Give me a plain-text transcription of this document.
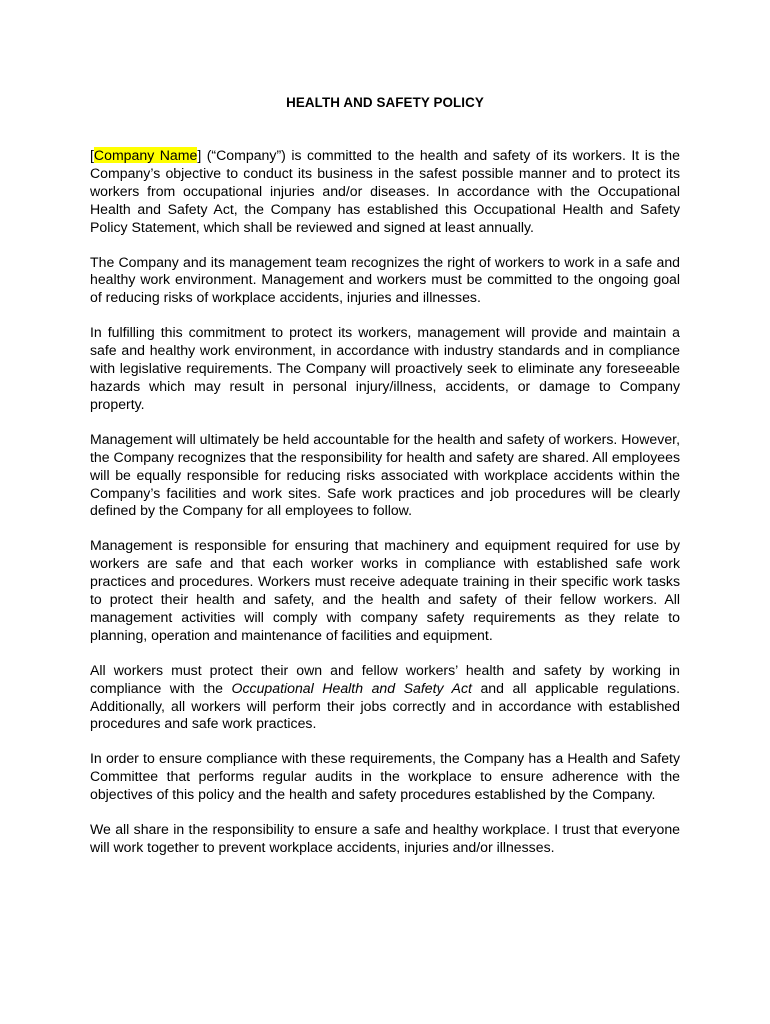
HEALTH AND SAFETY POLICY

[Company Name] (“Company”) is committed to the health and safety of its workers. It is the Company’s objective to conduct its business in the safest possible manner and to protect its workers from occupational injuries and/or diseases. In accordance with the Occupational Health and Safety Act, the Company has established this Occupational Health and Safety Policy Statement, which shall be reviewed and signed at least annually.

The Company and its management team recognizes the right of workers to work in a safe and healthy work environment. Management and workers must be committed to the ongoing goal of reducing risks of workplace accidents, injuries and illnesses.

In fulfilling this commitment to protect its workers, management will provide and maintain a safe and healthy work environment, in accordance with industry standards and in compliance with legislative requirements. The Company will proactively seek to eliminate any foreseeable hazards which may result in personal injury/illness, accidents, or damage to Company property.

Management will ultimately be held accountable for the health and safety of workers. However, the Company recognizes that the responsibility for health and safety are shared. All employees will be equally responsible for reducing risks associated with workplace accidents within the Company’s facilities and work sites. Safe work practices and job procedures will be clearly defined by the Company for all employees to follow.

Management is responsible for ensuring that machinery and equipment required for use by workers are safe and that each worker works in compliance with established safe work practices and procedures. Workers must receive adequate training in their specific work tasks to protect their health and safety, and the health and safety of their fellow workers. All management activities will comply with company safety requirements as they relate to planning, operation and maintenance of facilities and equipment.

All workers must protect their own and fellow workers’ health and safety by working in compliance with the Occupational Health and Safety Act and all applicable regulations. Additionally, all workers will perform their jobs correctly and in accordance with established procedures and safe work practices.

In order to ensure compliance with these requirements, the Company has a Health and Safety Committee that performs regular audits in the workplace to ensure adherence with the objectives of this policy and the health and safety procedures established by the Company.

We all share in the responsibility to ensure a safe and healthy workplace. I trust that everyone will work together to prevent workplace accidents, injuries and/or illnesses.
